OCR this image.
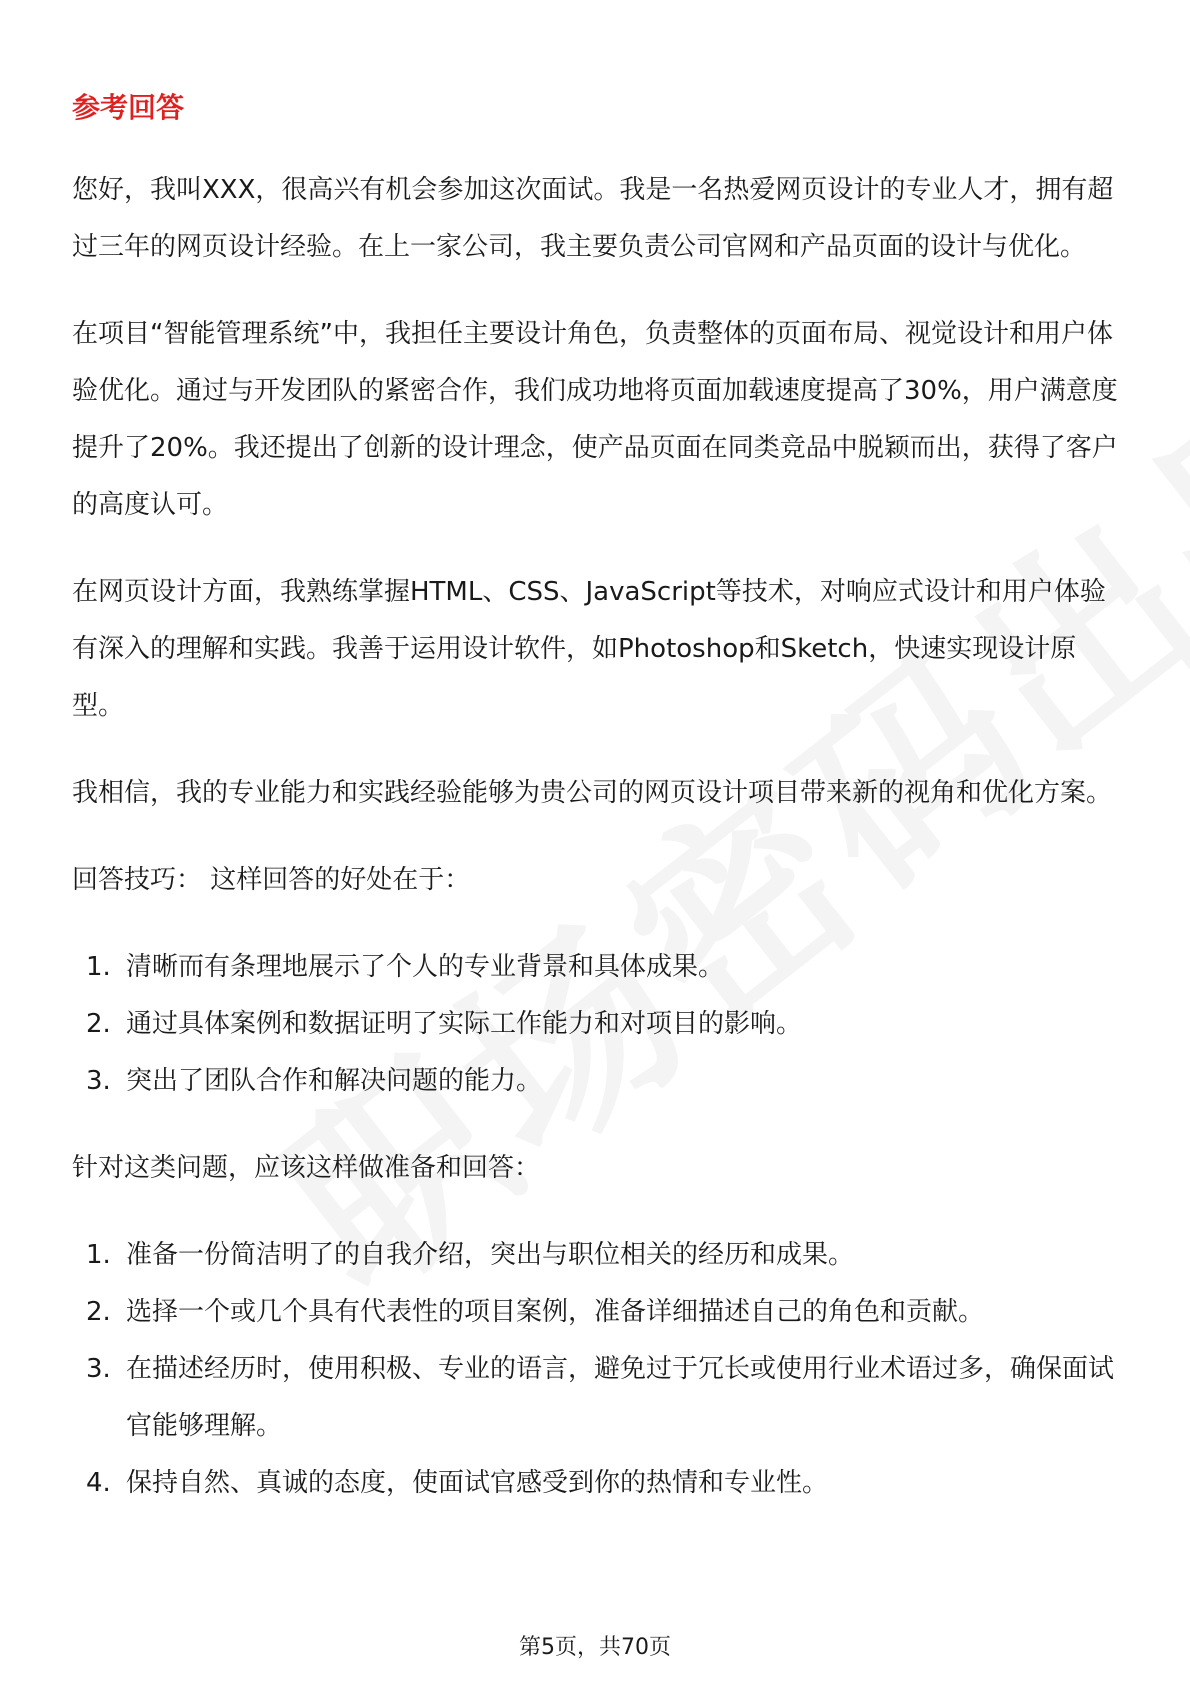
参考回答

您好，我叫XXX，很高兴有机会参加这次面试。我是一名热爱网页设计的专业人才，拥有超过三年的网页设计经验。在上一家公司，我主要负责公司官网和产品页面的设计与优化。

在项目“智能管理系统”中，我担任主要设计角色，负责整体的页面布局、视觉设计和用户体验优化。通过与开发团队的紧密合作，我们成功地将页面加载速度提高了30%，用户满意度提升了20%。我还提出了创新的设计理念，使产品页面在同类竞品中脱颖而出，获得了客户的高度认可。

在网页设计方面，我熟练掌握HTML、CSS、JavaScript等技术，对响应式设计和用户体验有深入的理解和实践。我善于运用设计软件，如Photoshop和Sketch，快速实现设计原型。

我相信，我的专业能力和实践经验能够为贵公司的网页设计项目带来新的视角和优化方案。

回答技巧： 这样回答的好处在于：
1. 清晰而有条理地展示了个人的专业背景和具体成果。
2. 通过具体案例和数据证明了实际工作能力和对项目的影响。
3. 突出了团队合作和解决问题的能力。
针对这类问题，应该这样做准备和回答：
1. 准备一份简洁明了的自我介绍，突出与职位相关的经历和成果。
2. 选择一个或几个具有代表性的项目案例，准备详细描述自己的角色和贡献。
3. 在描述经历时，使用积极、专业的语言，避免过于冗长或使用行业术语过多，确保面试官能够理解。
4. 保持自然、真诚的态度，使面试官感受到你的热情和专业性。
第5页，共70页
